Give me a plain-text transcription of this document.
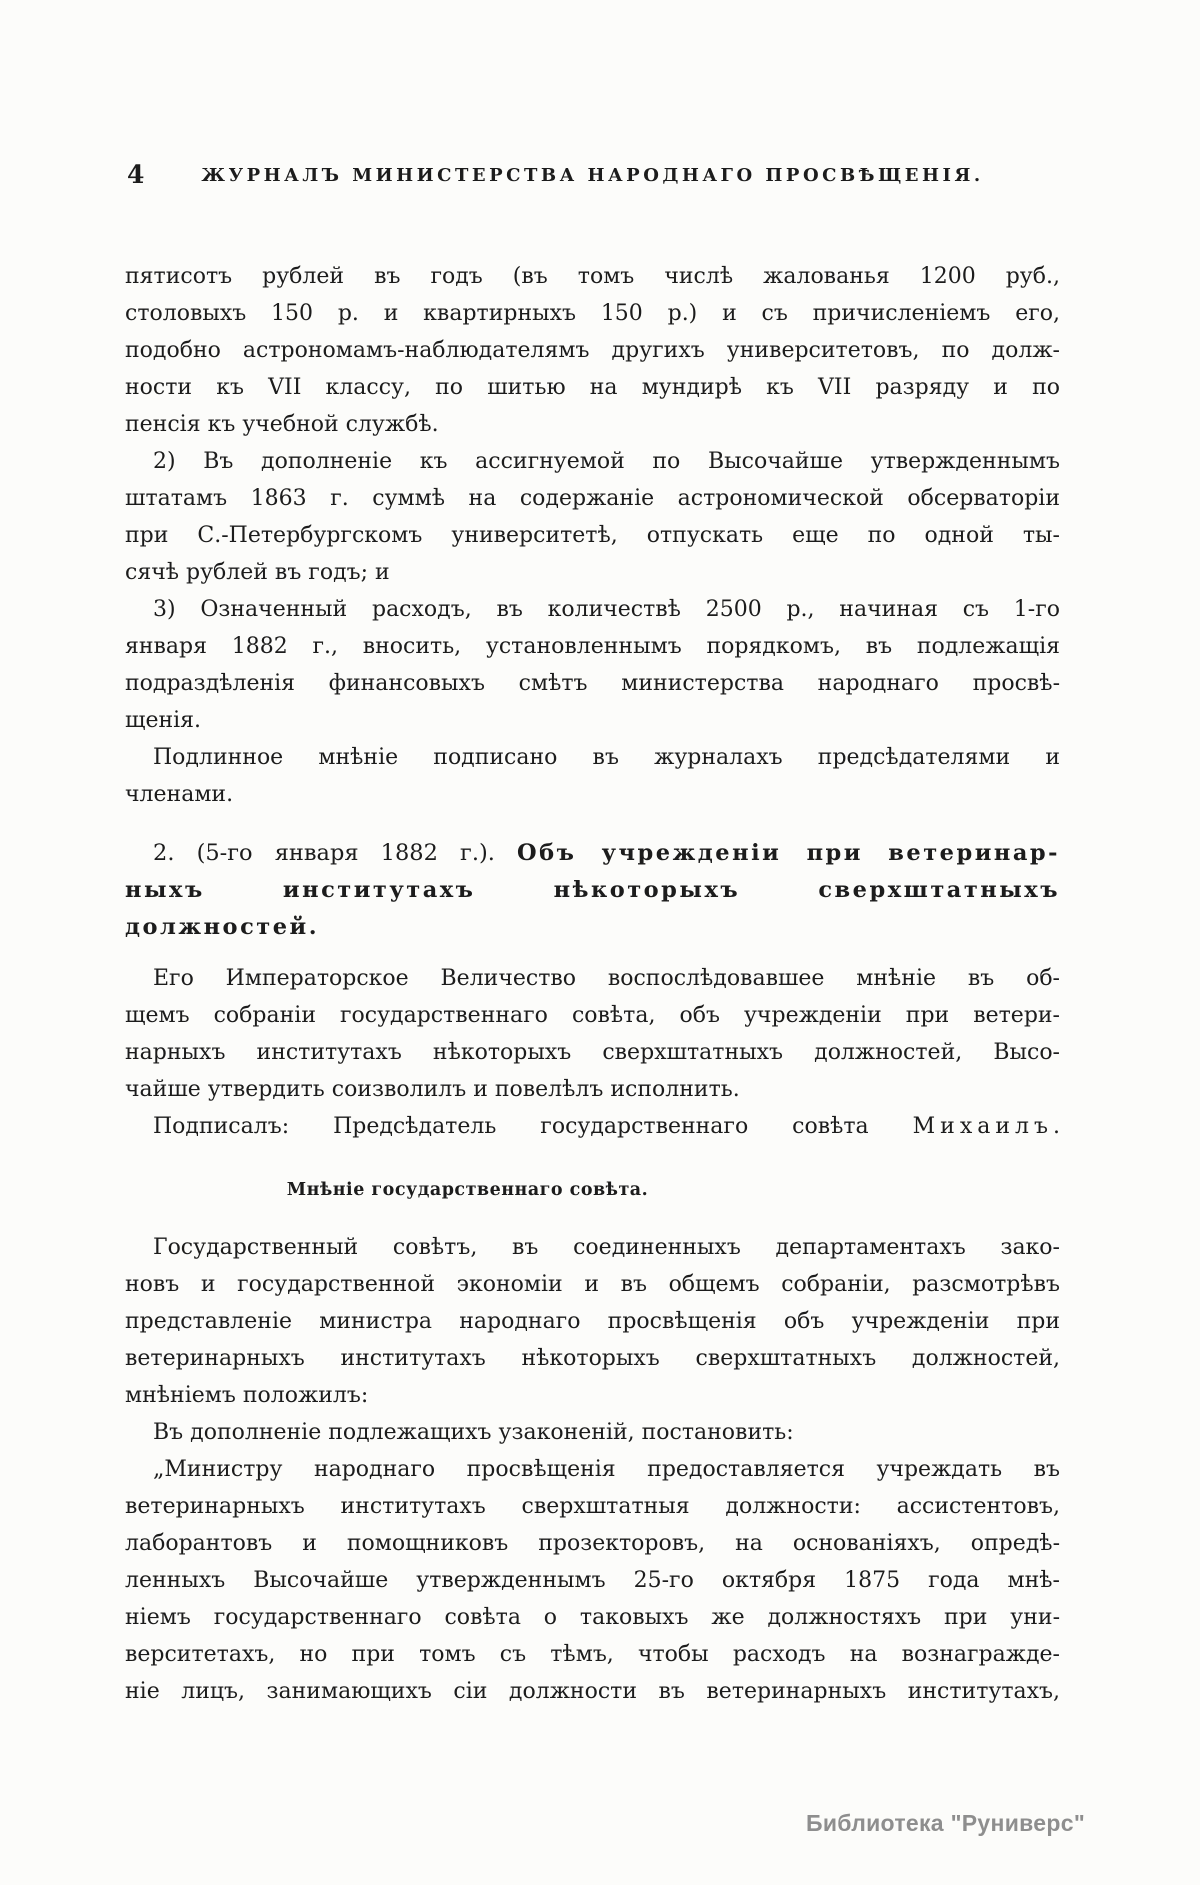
4	ЖУРНАЛЪ МИНИСТЕРСТВА НАРОДНАГО ПРОСВѢЩЕНІЯ.
пятисотъ рублей въ годъ (въ томъ числѣ жалованья 1200 руб.,
столовыхъ 150 р. и квартирныхъ 150 р.) и съ причисленіемъ его,
подобно астрономамъ-наблюдателямъ другихъ университетовъ, по долж-
ности къ VII классу, по шитью на мундирѣ къ VII разряду и по
пенсія къ учебной службѣ.
2) Въ дополненіе къ ассигнуемой по Высочайше утвержденнымъ
штатамъ 1863 г. суммѣ на содержаніе астрономической обсерваторіи
при С.-Петербургскомъ университетѣ, отпускать еще по одной ты-
сячѣ рублей въ годъ; и
3) Означенный расходъ, въ количествѣ 2500 р., начиная съ 1-го
января 1882 г., вносить, установленнымъ порядкомъ, въ подлежащія
подраздѣленія финансовыхъ смѣтъ министерства народнаго просвѣ-
щенія.
Подлинное мнѣніе подписано въ журналахъ предсѣдателями и
членами.
2. (5-го января 1882 г.). Объ учрежденіи при ветеринар-
ныхъ институтахъ нѣкоторыхъ сверхштатныхъ должностей.
Его Императорское Величество воспослѣдовавшее мнѣніе въ об-
щемъ собраніи государственнаго совѣта, объ учрежденіи при ветери-
нарныхъ институтахъ нѣкоторыхъ сверхштатныхъ должностей, Высо-
чайше утвердить соизволилъ и повелѣлъ исполнить.
Подписалъ: Предсѣдатель государственнаго совѣта Михаилъ.
Мнѣніе государственнаго совѣта.
Государственный совѣтъ, въ соединенныхъ департаментахъ зако-
новъ и государственной экономіи и въ общемъ собраніи, разсмотрѣвъ
представленіе министра народнаго просвѣщенія объ учрежденіи при
ветеринарныхъ институтахъ нѣкоторыхъ сверхштатныхъ должностей,
мнѣніемъ положилъ:
Въ дополненіе подлежащихъ узаконеній, постановить:
„Министру народнаго просвѣщенія предоставляется учреждать въ
ветеринарныхъ институтахъ сверхштатныя должности: ассистентовъ,
лаборантовъ и помощниковъ прозекторовъ, на основаніяхъ, опредѣ-
ленныхъ Высочайше утвержденнымъ 25-го октября 1875 года мнѣ-
ніемъ государственнаго совѣта о таковыхъ же должностяхъ при уни-
верситетахъ, но при томъ съ тѣмъ, чтобы расходъ на вознагражде-
ніе лицъ, занимающихъ сіи должности въ ветеринарныхъ институтахъ,
Библиотека "Руниверс"
